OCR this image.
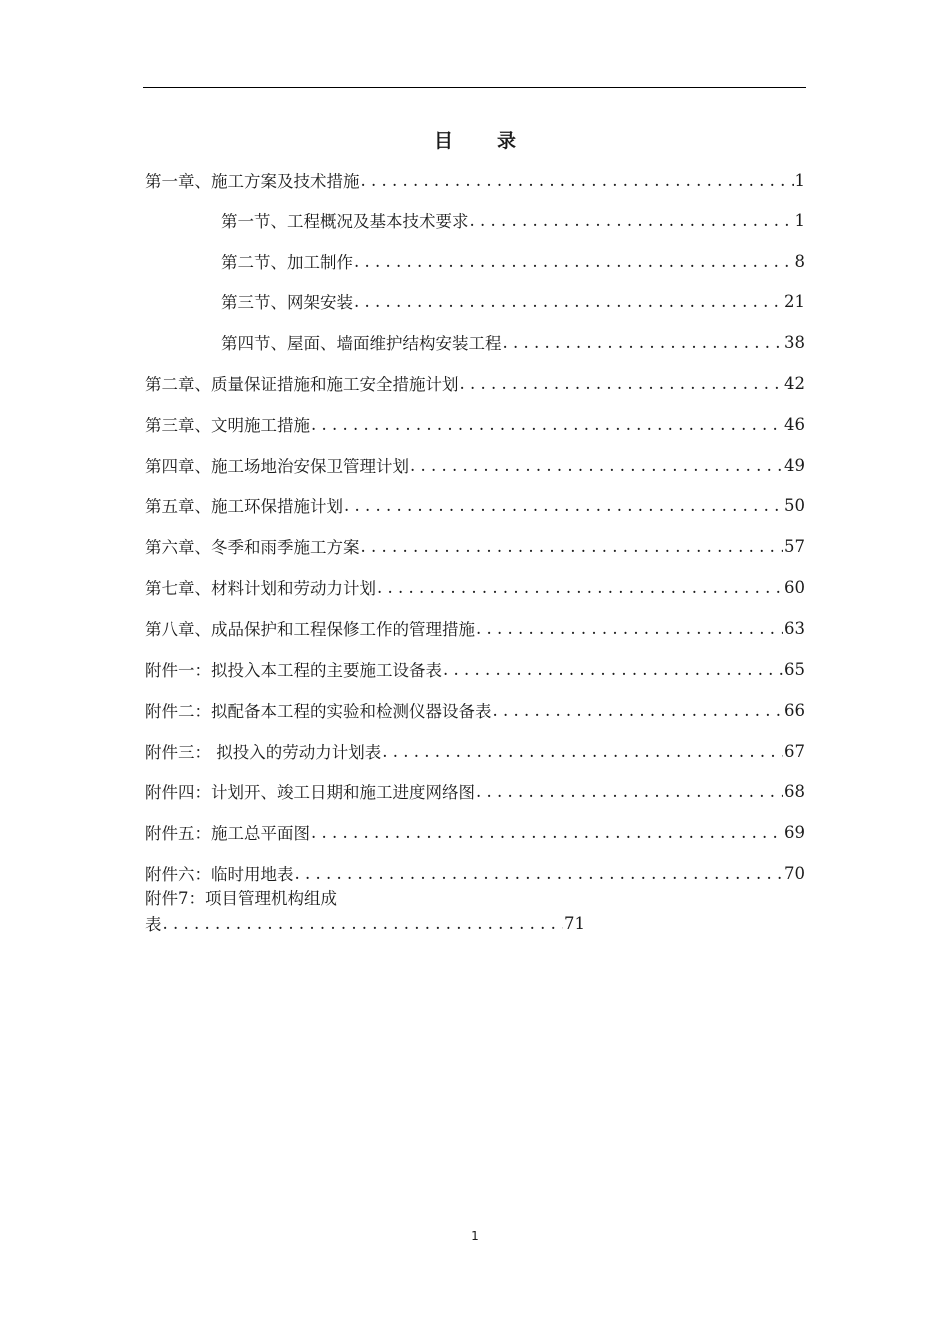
目录
第一章、施工方案及技术措施 . . .	1
第一节、工程概况及基本技术要求 . . .	1
第二节、加工制作 . . .	8
第三节、网架安装 . . .	21
第四节、屋面、墙面维护结构安装工程 . . .	38
第二章、质量保证措施和施工安全措施计划 . . .	42
第三章、文明施工措施 . . .	46
第四章、施工场地治安保卫管理计划 . . .	49
第五章、施工环保措施计划 . . .	50
第六章、冬季和雨季施工方案 . . .	57
第七章、材料计划和劳动力计划 . . .	60
第八章、成品保护和工程保修工作的管理措施 . . .	63
附件一：拟投入本工程的主要施工设备表 . . .	65
附件二：拟配备本工程的实验和检测仪器设备表 . . .	66
附件三： 拟投入的劳动力计划表 . . .	67
附件四：计划开、竣工日期和施工进度网络图 . . .	68
附件五：施工总平面图 . . .	69
附件六：临时用地表 . . .	70
附件7：项目管理机构组成
表 . . .	71
1
